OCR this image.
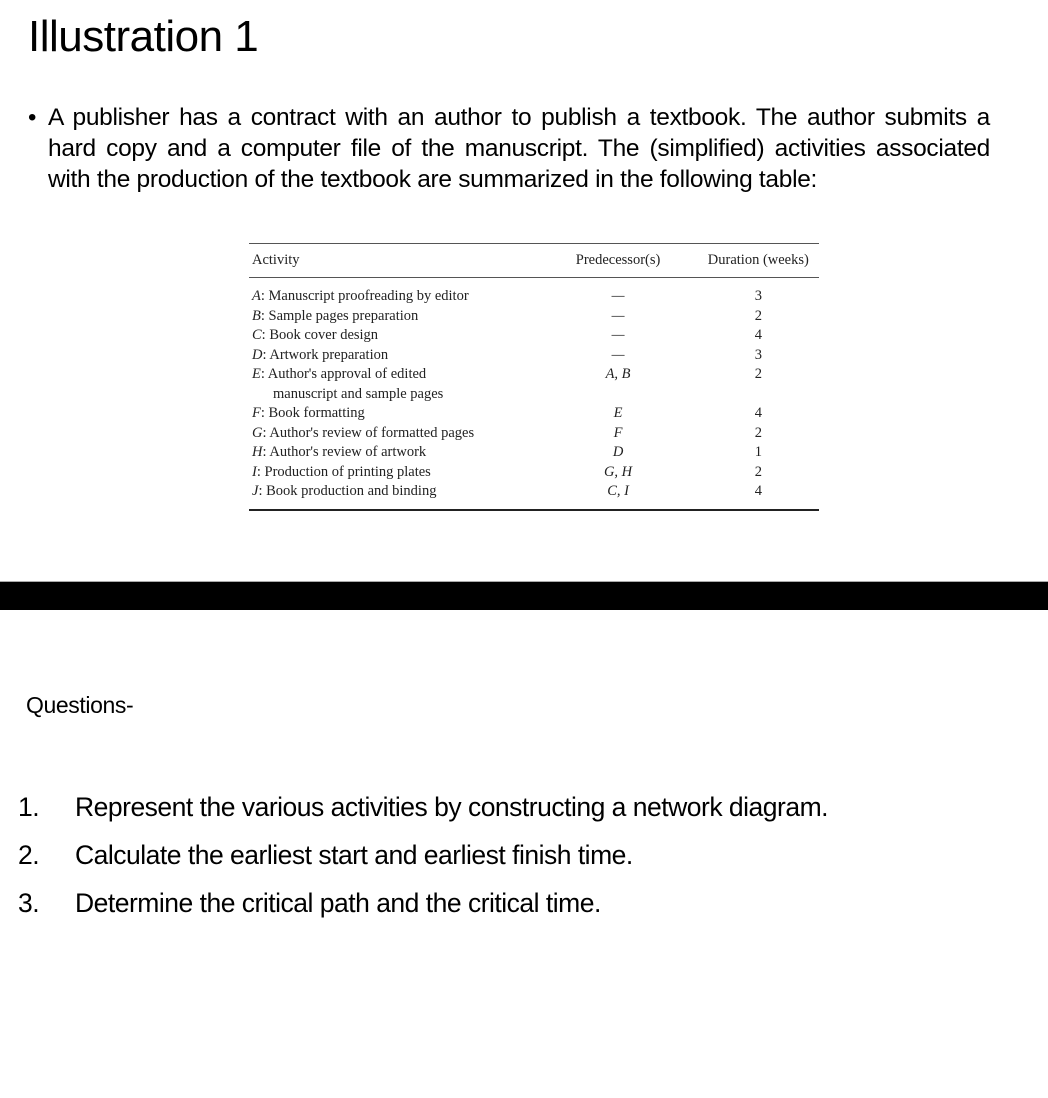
Illustration 1
• A publisher has a contract with an author to publish a textbook. The author submits a hard copy and a computer file of the manuscript. The (simplified) activities associated with the production of the textbook are summarized in the following table:
Activity	Predecessor(s)	Duration (weeks)
A: Manuscript proofreading by editor	—	3
B: Sample pages preparation	—	2
C: Book cover design	—	4
D: Artwork preparation	—	3
E: Author's approval of edited	A, B	2
manuscript and sample pages
F: Book formatting	E	4
G: Author's review of formatted pages	F	2
H: Author's review of artwork	D	1
I: Production of printing plates	G, H	2
J: Book production and binding	C, I	4
Questions-
1.	Represent the various activities by constructing a network diagram.
2.	Calculate the earliest start and earliest finish time.
3.	Determine the critical path and the critical time.
